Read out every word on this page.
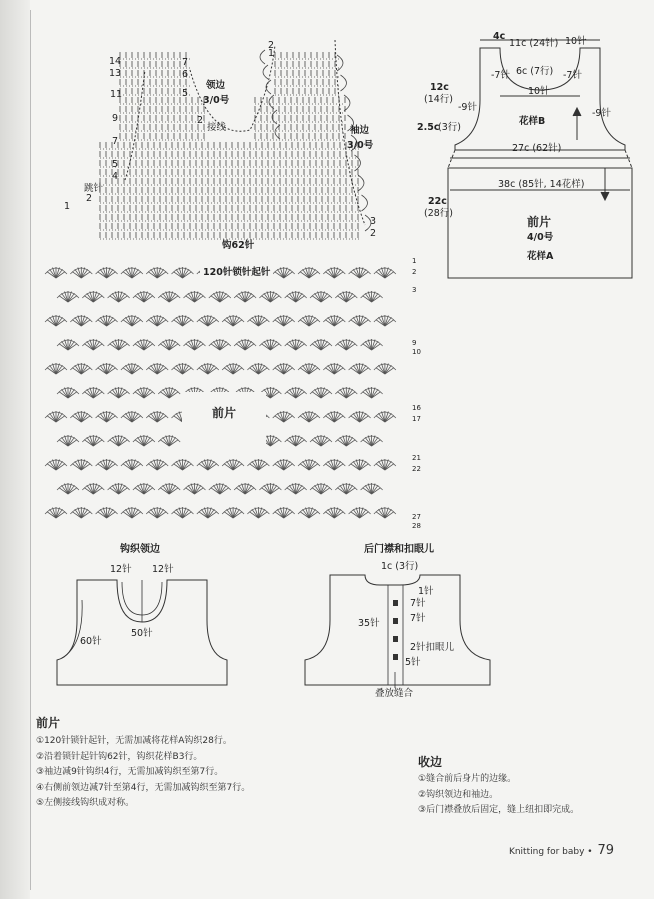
领边
3/0号
袖边
3/0号
接线
跳针
14
13
11
9
7
5
4
2
1
7
6
5
2
3
2
2
1
钩62针
120针锁针起针
前片
1
2
3
9
10
16
17
21
22
27
28
4c
11c (24针) 10针
-7针 6c (7行) -7针
10针
12c
(14行)
-9针
-9针
花样B
2.5c
(3行)
27c (62针)
22c
(28行)
38c (85针, 14花样)
前片
4/0号
花样A
钩织领边
12针 12针
60针
50针
后门襟和扣眼儿
1c (3行)
1针
7针
35针	7针
2针扣眼儿
5针
叠放缝合
前片
①120针锁针起针，无需加减将花样A钩织28行。
②沿着锁针起针钩62针，钩织花样B3行。
③袖边减9针钩织4行，无需加减钩织至第7行。
④右侧前领边减7针至第4行，无需加减钩织至第7行。
⑤左侧接线钩织成对称。
收边
①缝合前后身片的边缘。
②钩织领边和袖边。
③后门襟叠放后固定，缝上纽扣即完成。
Knitting for baby • 79
